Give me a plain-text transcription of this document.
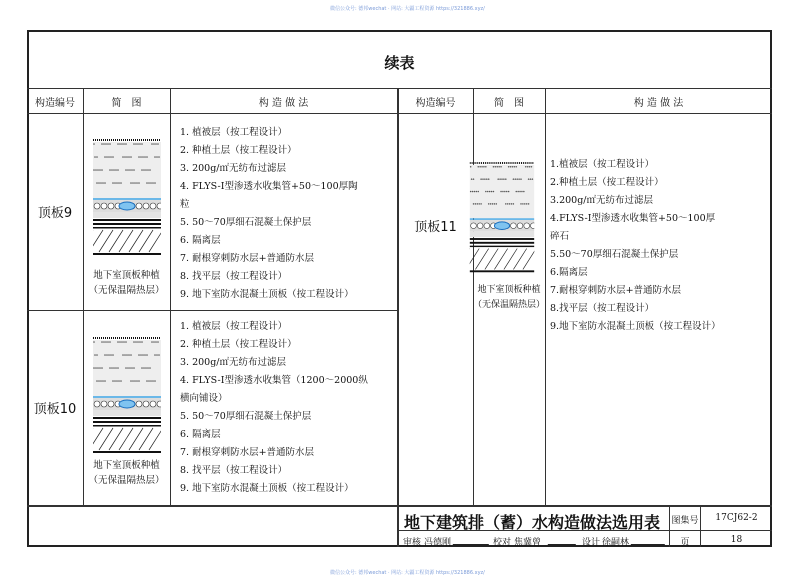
微信公众号: 德邦wechat · 网站: 大疆工程资源 https://321886.xyz/
微信公众号: 德邦wechat · 网站: 大疆工程资源 https://321886.xyz/
续表
构造编号	简　图	构 造 做 法	构造编号	简　图	构 造 做 法
顶板9
地下室顶板种植
（无保温隔热层）
1. 植被层（按工程设计）
2. 种植土层（按工程设计）
3. 200g/㎡无纺布过滤层
4. FLYS-I型渗透水收集管+50～100厚陶
粒
5. 50～70厚细石混凝土保护层
6. 隔离层
7. 耐根穿刺防水层+普通防水层
8. 找平层（按工程设计）
9. 地下室防水混凝土顶板（按工程设计）
顶板10
地下室顶板种植
（无保温隔热层）
1. 植被层（按工程设计）
2. 种植土层（按工程设计）
3. 200g/㎡无纺布过滤层
4. FLYS-I型渗透水收集管（1200～2000纵
横向铺设）
5. 50～70厚细石混凝土保护层
6. 隔离层
7. 耐根穿刺防水层+普通防水层
8. 找平层（按工程设计）
9. 地下室防水混凝土顶板（按工程设计）
顶板11
地下室顶板种植
（无保温隔热层）
1.植被层（按工程设计）
2.种植土层（按工程设计）
3.200g/㎡无纺布过滤层
4.FLYS-I型渗透水收集管+50～100厚
碎石
5.50～70厚细石混凝土保护层
6.隔离层
7.耐根穿刺防水层+普通防水层
8.找平层（按工程设计）
9.地下室防水混凝土顶板（按工程设计）
地下建筑排（蓄）水构造做法选用表 图集号	17CJ62-2
审核 冯德刚	校对 焦冀曾	设计 徐嗣林	页	18
